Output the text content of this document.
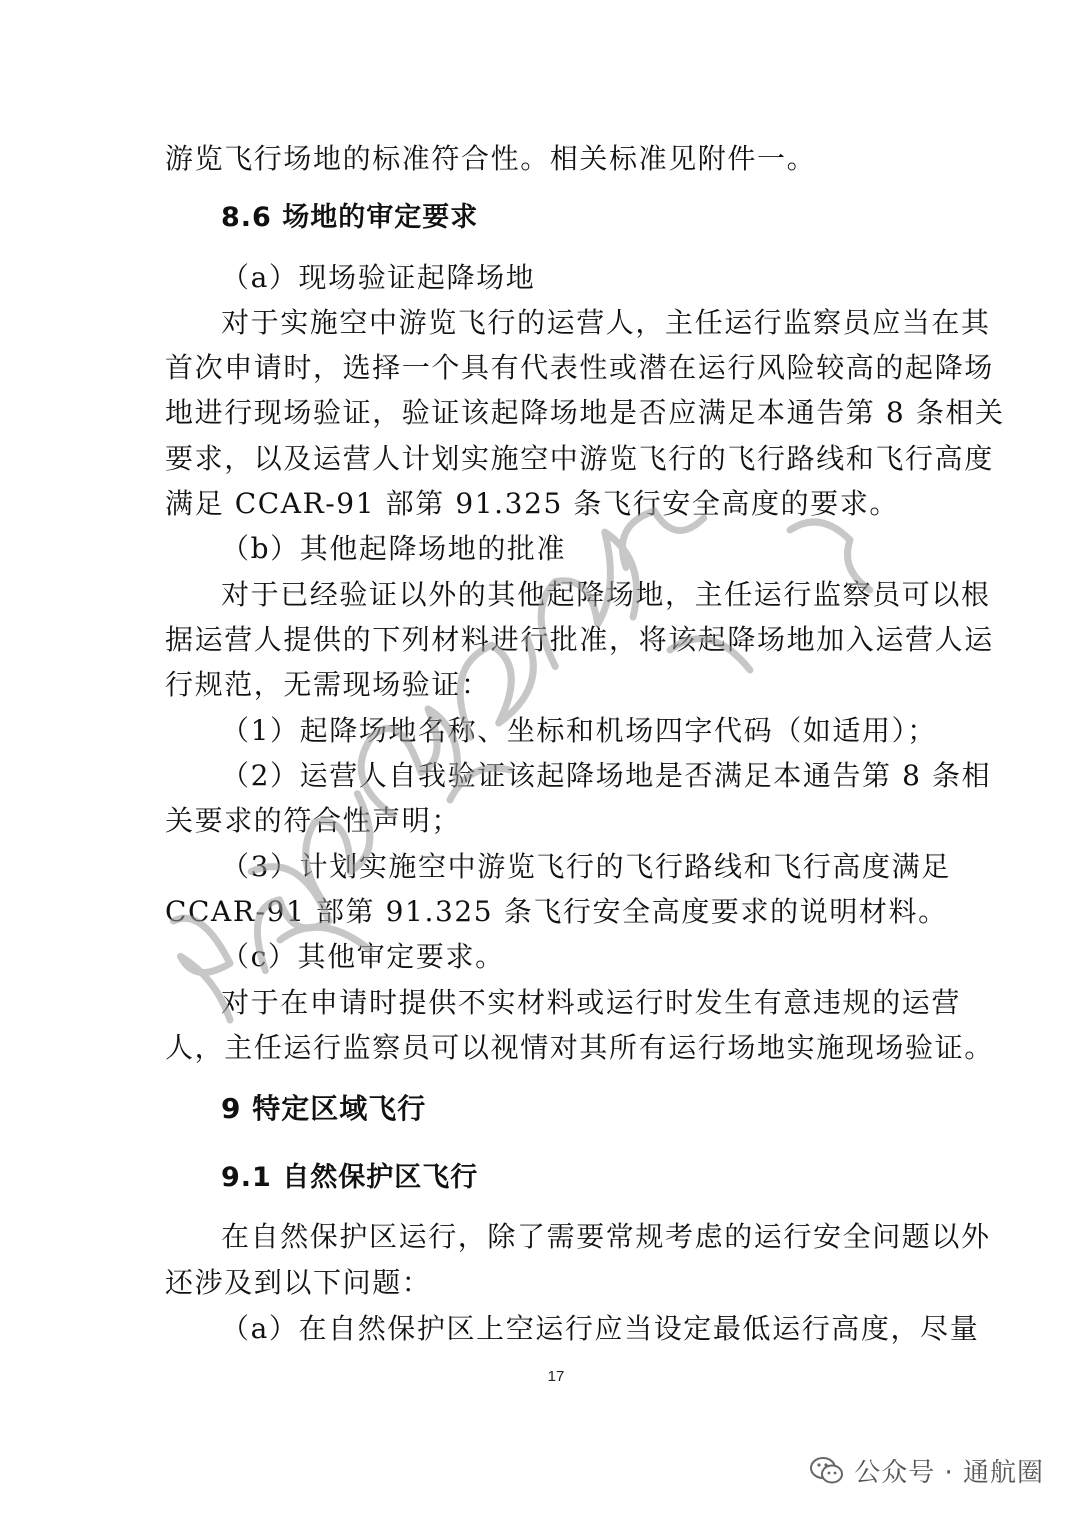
游览飞行场地的标准符合性。相关标准见附件一。
8.6 场地的审定要求
（a）现场验证起降场地
对于实施空中游览飞行的运营人，主任运行监察员应当在其
首次申请时，选择一个具有代表性或潜在运行风险较高的起降场
地进行现场验证，验证该起降场地是否应满足本通告第 8 条相关
要求，以及运营人计划实施空中游览飞行的飞行路线和飞行高度
满足 CCAR-91 部第 91.325 条飞行安全高度的要求。
（b）其他起降场地的批准
对于已经验证以外的其他起降场地，主任运行监察员可以根
据运营人提供的下列材料进行批准，将该起降场地加入运营人运
行规范，无需现场验证：
（1）起降场地名称、坐标和机场四字代码（如适用）；
（2）运营人自我验证该起降场地是否满足本通告第 8 条相
关要求的符合性声明；
（3）计划实施空中游览飞行的飞行路线和飞行高度满足
CCAR-91 部第 91.325 条飞行安全高度要求的说明材料。
（c）其他审定要求。
对于在申请时提供不实材料或运行时发生有意违规的运营
人，主任运行监察员可以视情对其所有运行场地实施现场验证。
9 特定区域飞行
9.1 自然保护区飞行
在自然保护区运行，除了需要常规考虑的运行安全问题以外
还涉及到以下问题：
（a）在自然保护区上空运行应当设定最低运行高度，尽量
17
公众号 · 通航圈
